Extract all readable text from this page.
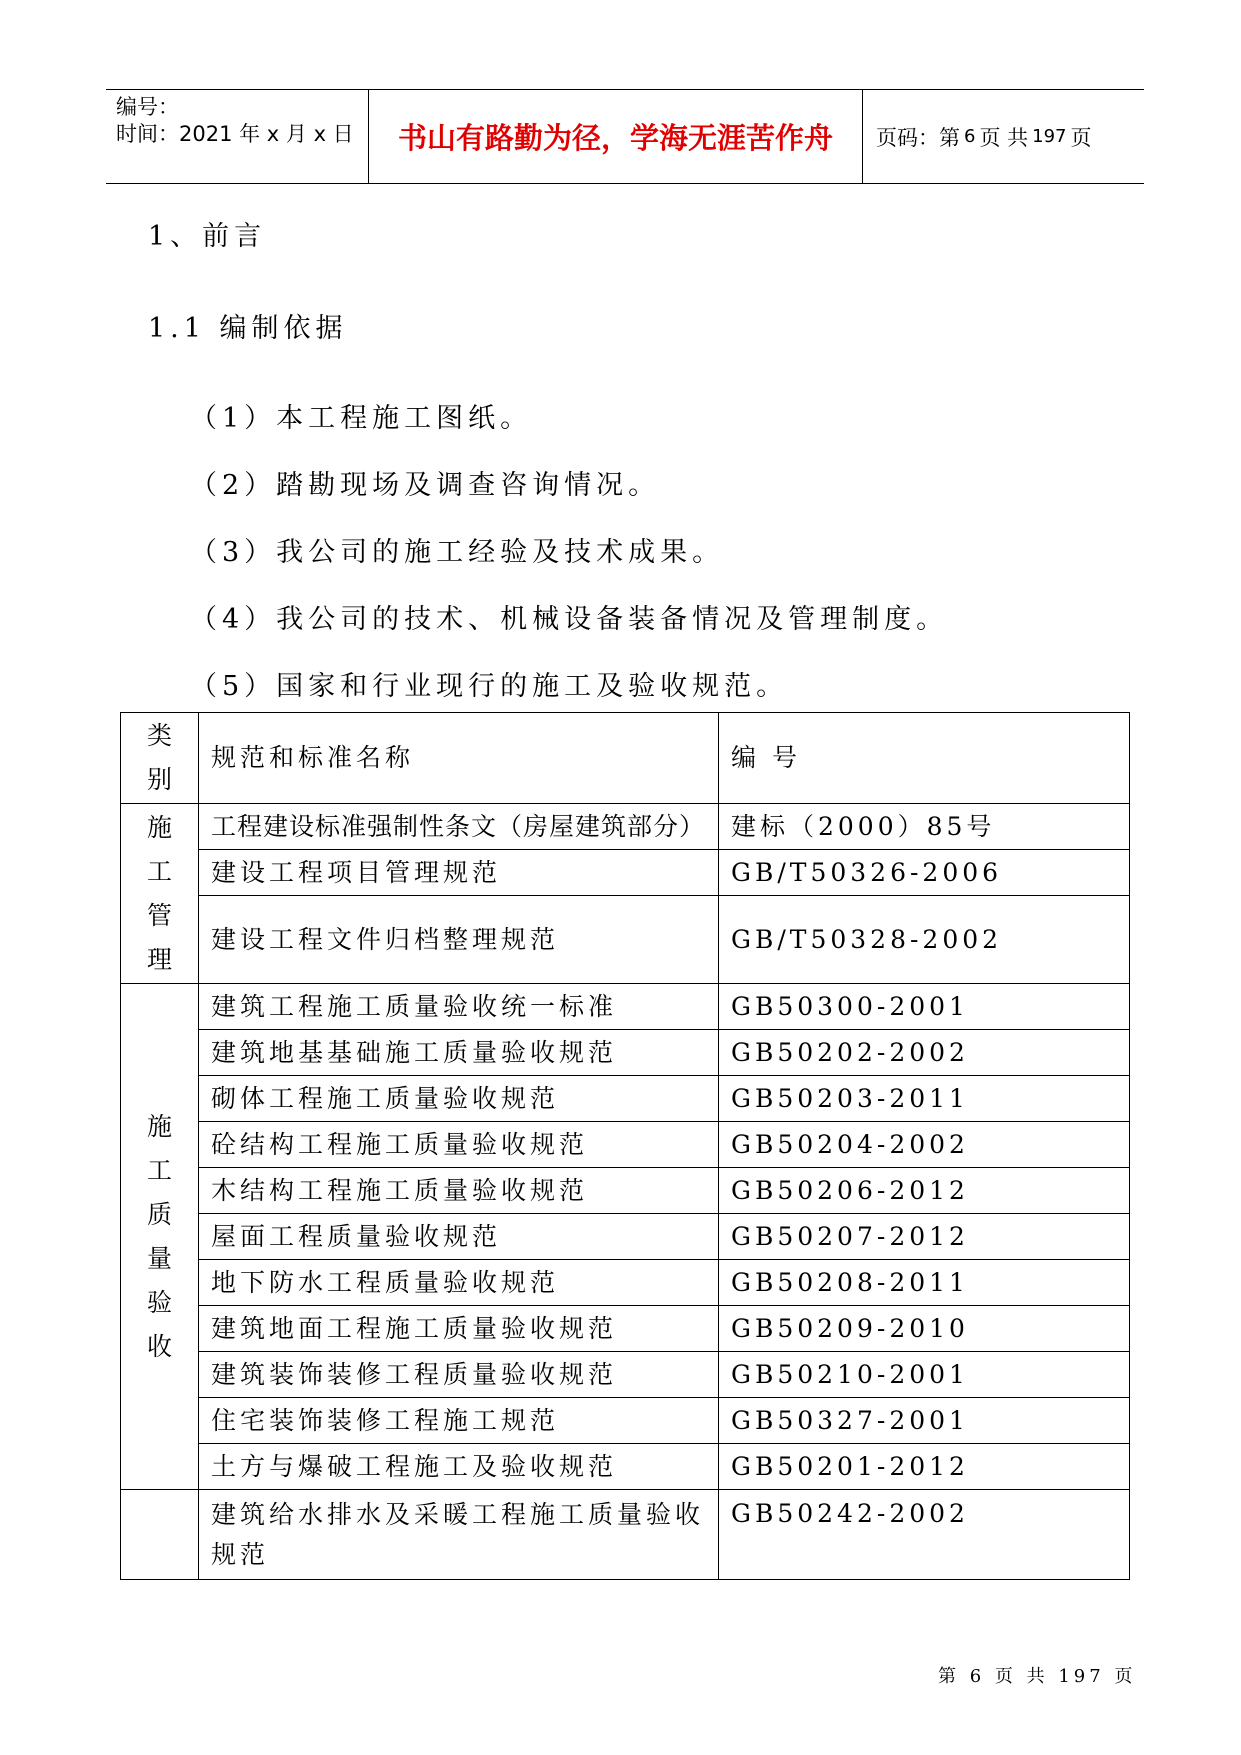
编号：
时间：2021 年 x 月 x 日	书山有路勤为径，学海无涯苦作舟	页码：第 6 页 共 197 页
1、前言
1.1 编制依据
（1）本工程施工图纸。
（2）踏勘现场及调查咨询情况。
（3）我公司的施工经验及技术成果。
（4）我公司的技术、机械设备装备情况及管理制度。
（5）国家和行业现行的施工及验收规范。
类别	规范和标准名称	编 号
施工管理	工程建设标准强制性条文（房屋建筑部分）	建标（2000）85号
	建设工程项目管理规范	GB/T50326-2006
	建设工程文件归档整理规范	GB/T50328-2002
施工质量验收	建筑工程施工质量验收统一标准	GB50300-2001
	建筑地基基础施工质量验收规范	GB50202-2002
	砌体工程施工质量验收规范	GB50203-2011
	砼结构工程施工质量验收规范	GB50204-2002
	木结构工程施工质量验收规范	GB50206-2012
	屋面工程质量验收规范	GB50207-2012
	地下防水工程质量验收规范	GB50208-2011
	建筑地面工程施工质量验收规范	GB50209-2010
	建筑装饰装修工程质量验收规范	GB50210-2001
	住宅装饰装修工程施工规范	GB50327-2001
	土方与爆破工程施工及验收规范	GB50201-2012
	建筑给水排水及采暖工程施工质量验收规范	GB50242-2002
第 6 页 共 197 页
